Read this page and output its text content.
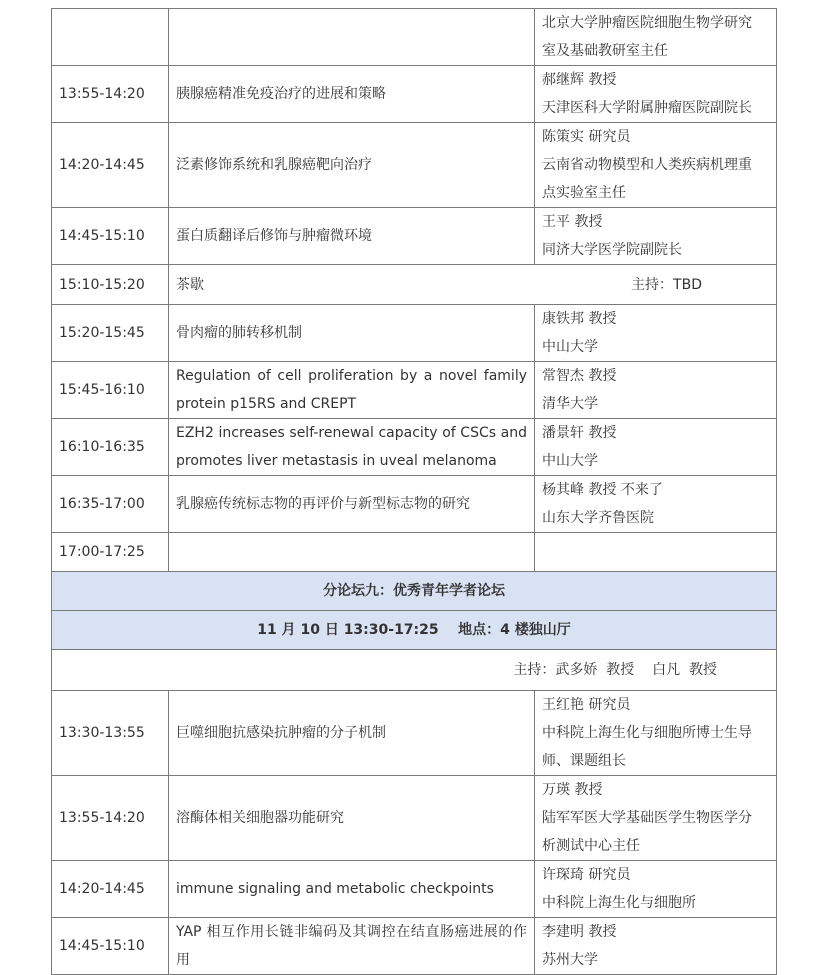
		北京大学肿瘤医院细胞生物学研究
室及基础教研室主任

13:55-14:20	胰腺癌精准免疫治疗的进展和策略	郝继辉 教授
天津医科大学附属肿瘤医院副院长

14:20-14:45	泛素修饰系统和乳腺癌靶向治疗	陈策实 研究员
云南省动物模型和人类疾病机理重
点实验室主任

14:45-15:10	蛋白质翻译后修饰与肿瘤微环境	王平 教授
同济大学医学院副院长

15:10-15:20	茶歇 主持：TBD	

15:20-15:45	骨肉瘤的肺转移机制	康铁邦 教授
中山大学

15:45-16:10	Regulation of cell proliferation by a novel family protein p15RS and CREPT	常智杰 教授
清华大学

16:10-16:35	EZH2 increases self-renewal capacity of CSCs and promotes liver metastasis in uveal melanoma	潘景轩 教授
中山大学

16:35-17:00	乳腺癌传统标志物的再评价与新型标志物的研究	杨其峰 教授 不来了
山东大学齐鲁医院

17:00-17:25		
分论坛九：优秀青年学者论坛		
11 月 10 日 13:30-17:25    地点：4 楼独山厅		
主持：武多娇  教授    白凡  教授		
13:30-13:55	巨噬细胞抗感染抗肿瘤的分子机制	王红艳 研究员
中科院上海生化与细胞所博士生导
师、课题组长

13:55-14:20	溶酶体相关细胞器功能研究	万瑛 教授
陆军军医大学基础医学生物医学分
析测试中心主任

14:20-14:45	immune signaling and metabolic checkpoints	许琛琦 研究员
中科院上海生化与细胞所

14:45-15:10	YAP 相互作用长链非编码及其调控在结直肠癌进展的作用	李建明 教授
苏州大学
